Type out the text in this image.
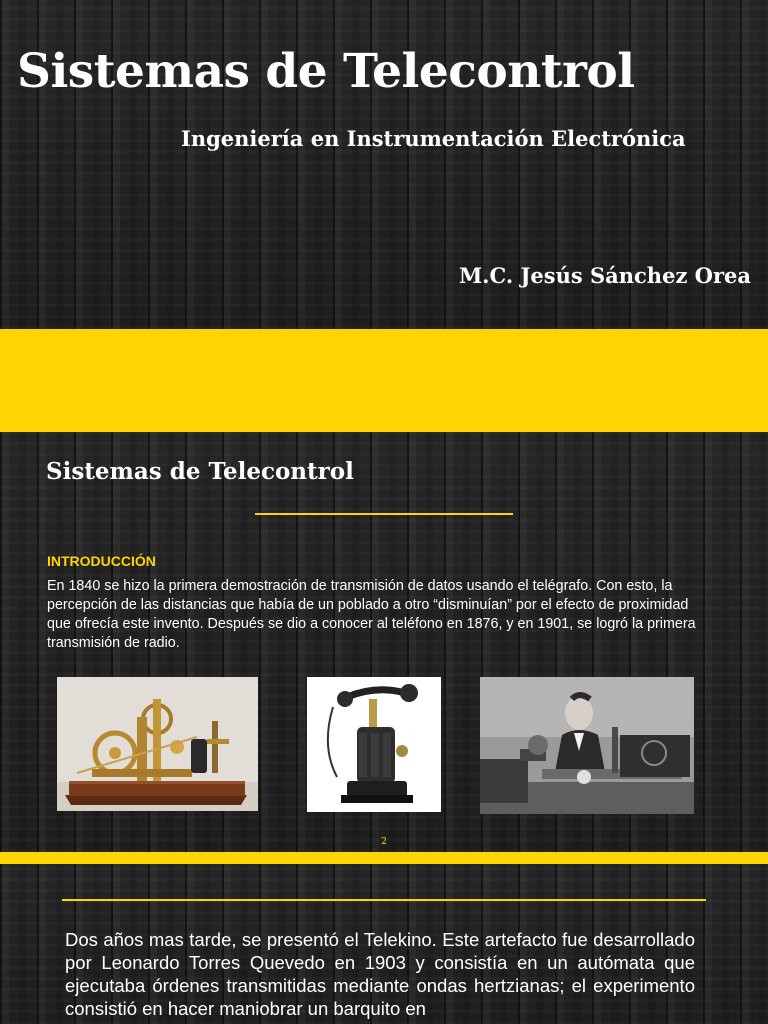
Sistemas de Telecontrol
Ingeniería en Instrumentación Electrónica
M.C. Jesús Sánchez Orea
Sistemas de Telecontrol
INTRODUCCIÓN

En 1840 se hizo la primera demostración de transmisión de datos usando el telégrafo. Con esto, la percepción de las distancias que había de un poblado a otro “disminuían” por el efecto de proximidad que ofrecía este invento. Después se dio a conocer al teléfono en 1876, y en 1901, se logró la primera transmisión de radio.

2

Dos años mas tarde, se presentó el Telekino. Este artefacto fue desarrollado por Leonardo Torres Quevedo en 1903 y consistía en un autómata que ejecutaba órdenes transmitidas mediante ondas hertzianas; el experimento consistió en hacer maniobrar un barquito en
